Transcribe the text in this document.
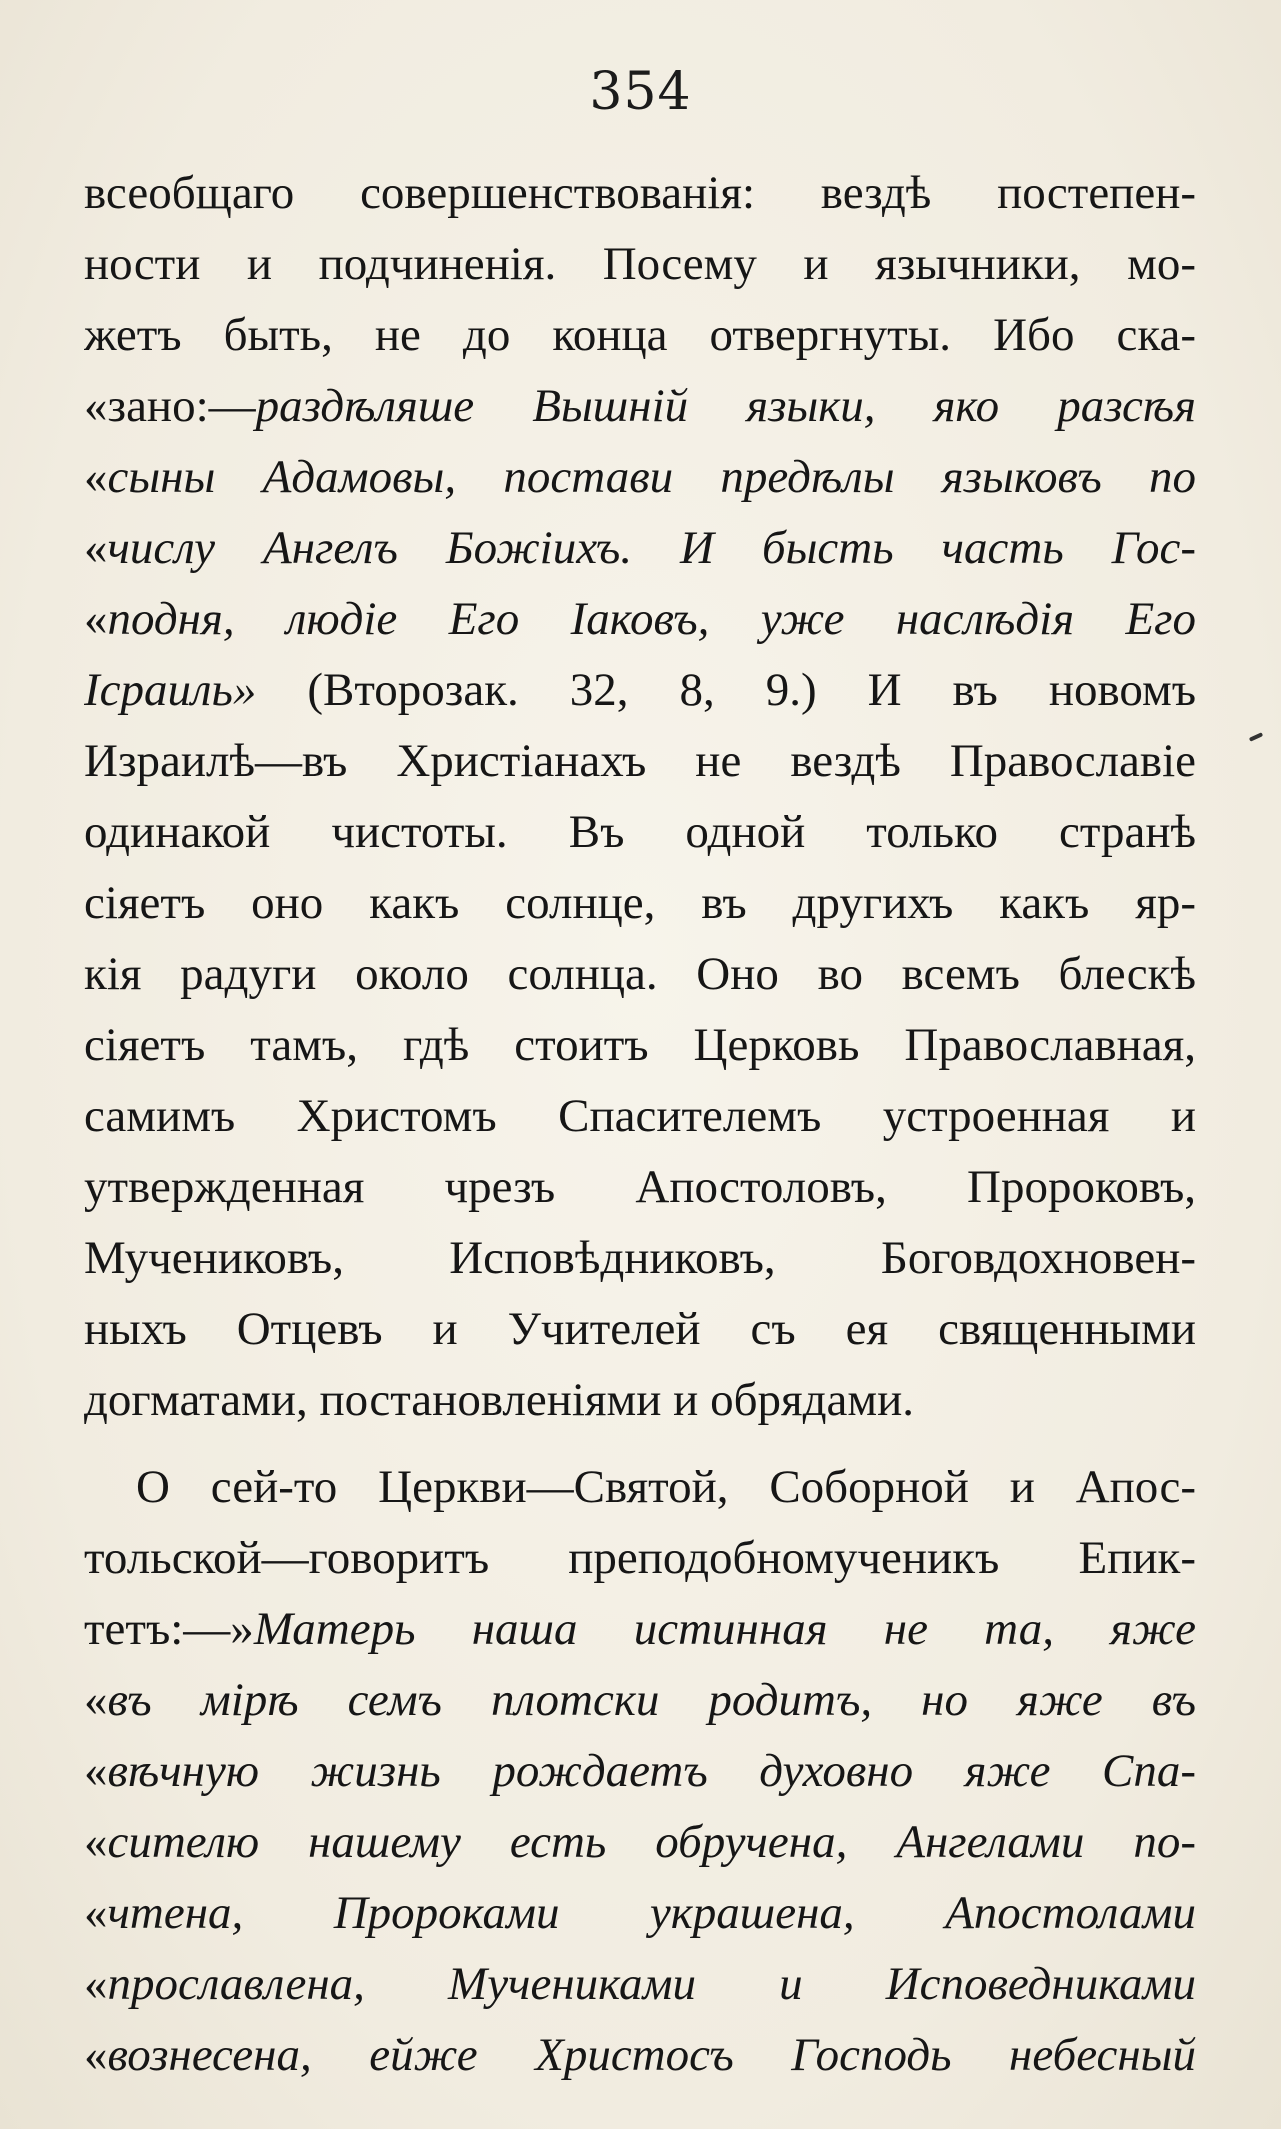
354
всеобщаго совершенствованія: вездѣ постепен-
ности и подчиненія. Посему и язычники, мо-
жетъ быть, не до конца отвергнуты. Ибо ска-
«зано:—раздѣляше Вышній языки, яко разсѣя
«сыны Адамовы, постави предѣлы языковъ по
«числу Ангелъ Божіихъ. И бысть часть Гос-
«подня, людіе Его Іаковъ, уже наслѣдія Его
Ісраиль» (Второзак. 32, 8, 9.) И въ новомъ
Израилѣ—въ Христіанахъ не вездѣ Православіе
одинакой чистоты. Въ одной только странѣ
сіяетъ оно какъ солнце, въ другихъ какъ яр-
кія радуги около солнца. Оно во всемъ блескѣ
сіяетъ тамъ, гдѣ стоитъ Церковь Православная,
самимъ Христомъ Спасителемъ устроенная и
утвержденная чрезъ Апостоловъ, Пророковъ,
Мучениковъ, Исповѣдниковъ, Боговдохновен-
ныхъ Отцевъ и Учителей съ ея священными
догматами, постановленіями и обрядами.
О сей-то Церкви—Святой, Соборной и Апос-
тольской—говоритъ преподобномученикъ Епик-
тетъ:—»Матерь наша истинная не та, яже
«въ мірѣ семъ плотски родитъ, но яже въ
«вѣчную жизнь рождаетъ духовно яже Спа-
«сителю нашему есть обручена, Ангелами по-
«чтена, Пророками украшена, Апостолами
«прославлена, Мучениками и Исповедниками
«вознесена, ейже Христосъ Господь небесный
